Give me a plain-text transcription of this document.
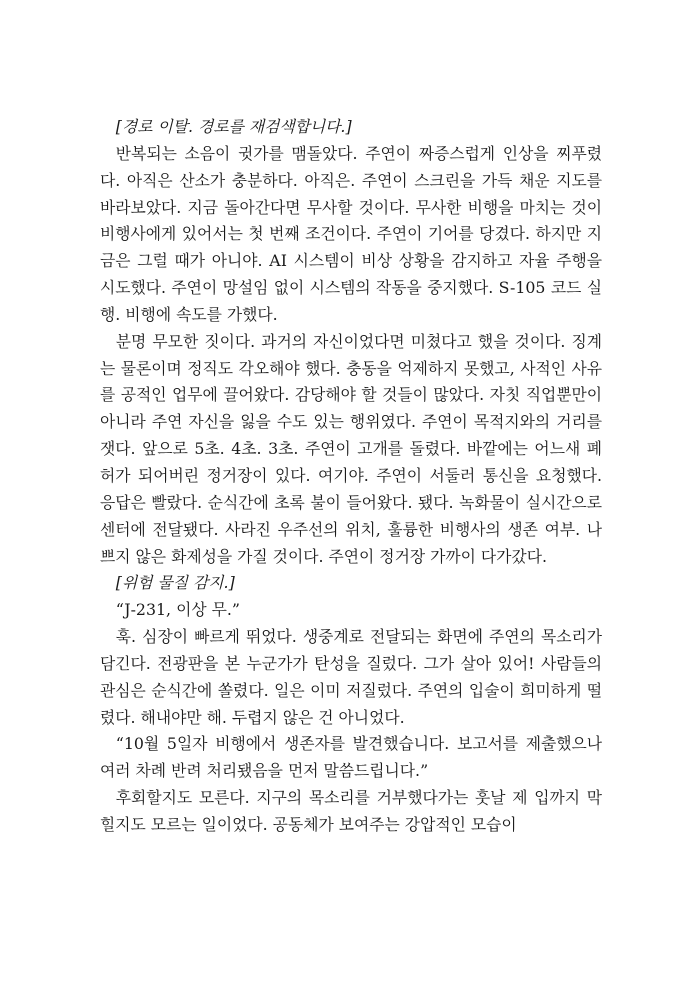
[경로 이탈. 경로를 재검색합니다.]

반복되는 소음이 귓가를 맴돌았다. 주연이 짜증스럽게 인상을 찌푸렸다. 아직은 산소가 충분하다. 아직은. 주연이 스크린을 가득 채운 지도를 바라보았다. 지금 돌아간다면 무사할 것이다. 무사한 비행을 마치는 것이 비행사에게 있어서는 첫 번째 조건이다. 주연이 기어를 당겼다. 하지만 지금은 그럴 때가 아니야. AI 시스템이 비상 상황을 감지하고 자율 주행을 시도했다. 주연이 망설임 없이 시스템의 작동을 중지했다. S-105 코드 실행. 비행에 속도를 가했다.

분명 무모한 짓이다. 과거의 자신이었다면 미쳤다고 했을 것이다. 징계는 물론이며 정직도 각오해야 했다. 충동을 억제하지 못했고, 사적인 사유를 공적인 업무에 끌어왔다. 감당해야 할 것들이 많았다. 자칫 직업뿐만이 아니라 주연 자신을 잃을 수도 있는 행위였다. 주연이 목적지와의 거리를 잿다. 앞으로 5초. 4초. 3초. 주연이 고개를 돌렸다. 바깥에는 어느새 폐허가 되어버린 정거장이 있다. 여기야. 주연이 서둘러 통신을 요청했다. 응답은 빨랐다. 순식간에 초록 불이 들어왔다. 됐다. 녹화물이 실시간으로 센터에 전달됐다. 사라진 우주선의 위치, 훌륭한 비행사의 생존 여부. 나쁘지 않은 화제성을 가질 것이다. 주연이 정거장 가까이 다가갔다.

[위험 물질 감지.]

“J-231, 이상 무.”

훅. 심장이 빠르게 뛰었다. 생중계로 전달되는 화면에 주연의 목소리가 담긴다. 전광판을 본 누군가가 탄성을 질렀다. 그가 살아 있어! 사람들의 관심은 순식간에 쏠렸다. 일은 이미 저질렀다. 주연의 입술이 희미하게 떨렸다. 해내야만 해. 두렵지 않은 건 아니었다.

“10월 5일자 비행에서 생존자를 발견했습니다. 보고서를 제출했으나 여러 차례 반려 처리됐음을 먼저 말씀드립니다.”

후회할지도 모른다. 지구의 목소리를 거부했다가는 훗날 제 입까지 막힐지도 모르는 일이었다. 공동체가 보여주는 강압적인 모습이
